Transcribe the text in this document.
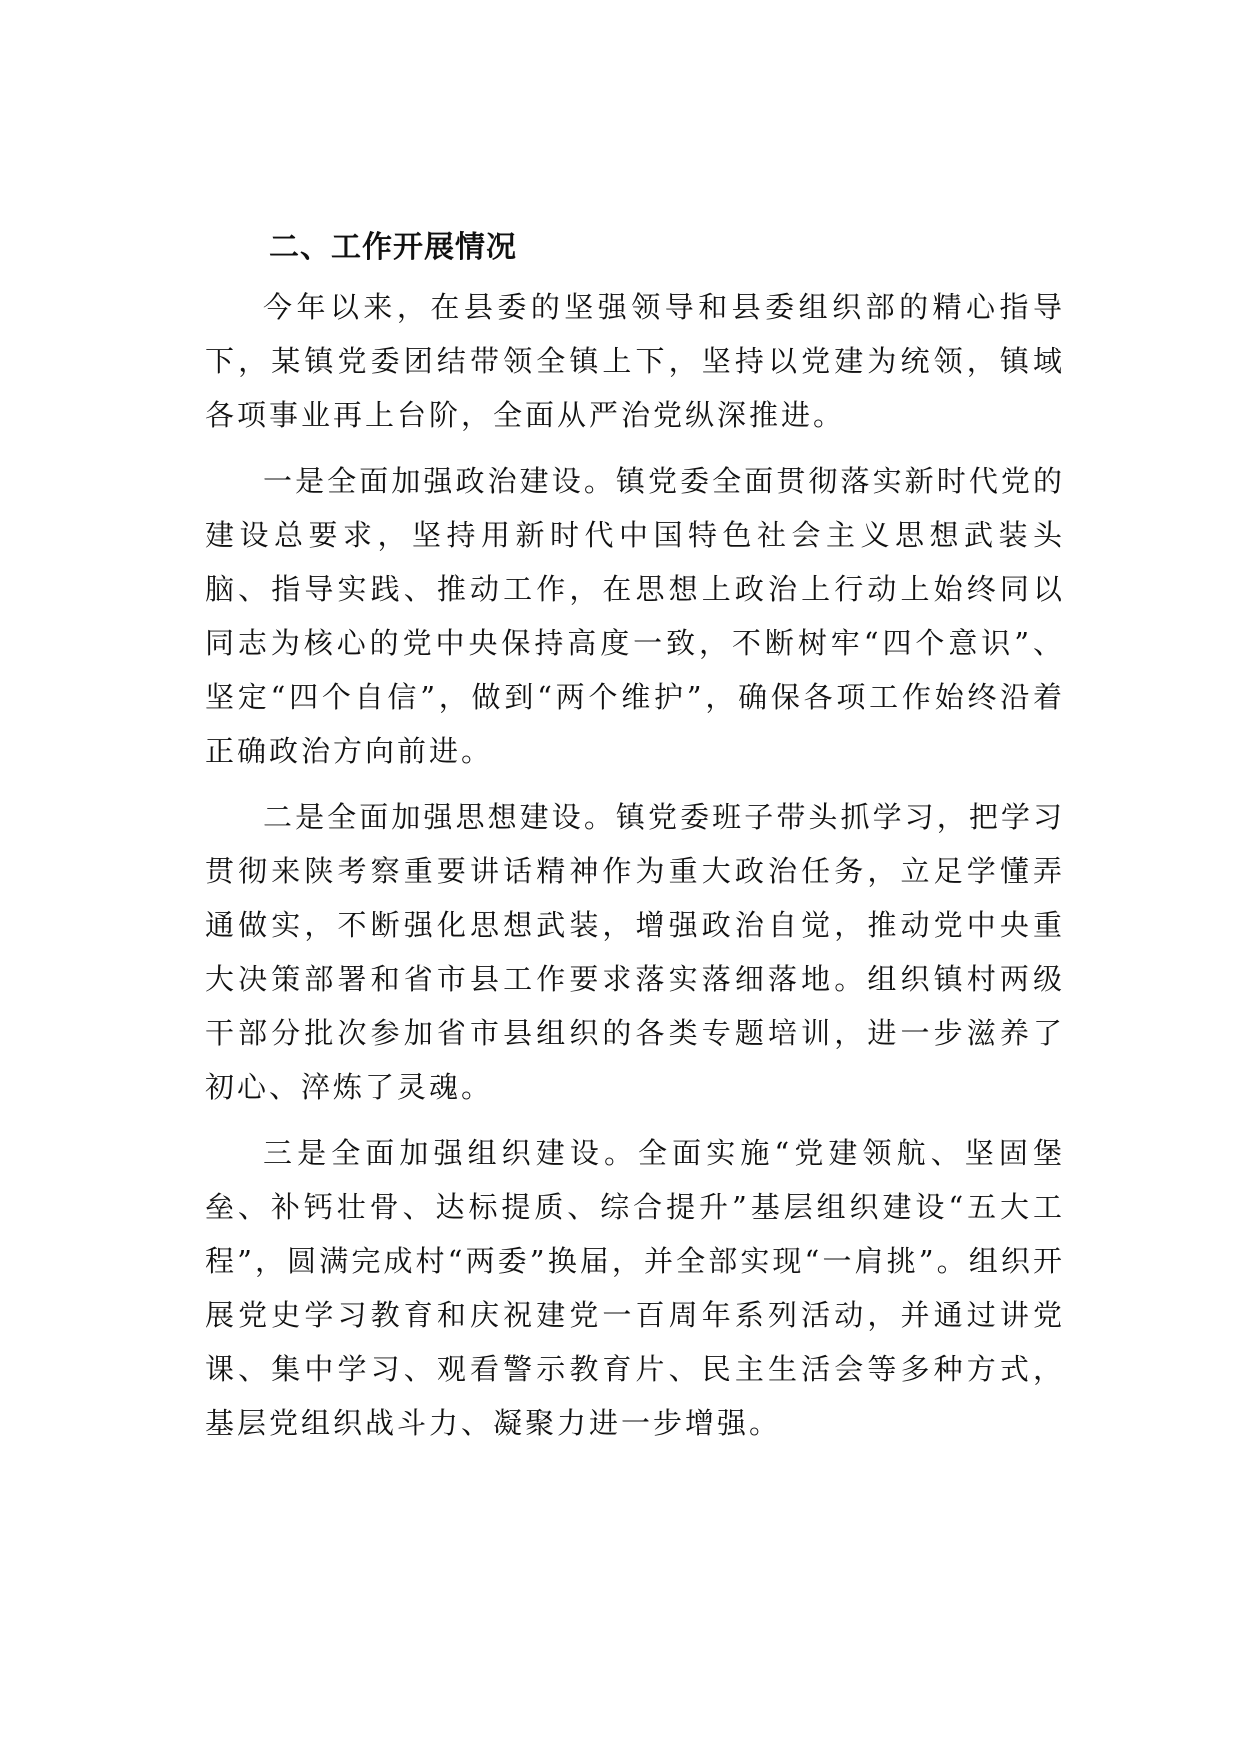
二、工作开展情况

今年以来，在县委的坚强领导和县委组织部的精心指导下，某镇党委团结带领全镇上下，坚持以党建为统领，镇域各项事业再上台阶，全面从严治党纵深推进。

一是全面加强政治建设。镇党委全面贯彻落实新时代党的建设总要求，坚持用新时代中国特色社会主义思想武装头脑、指导实践、推动工作，在思想上政治上行动上始终同以同志为核心的党中央保持高度一致，不断树牢“四个意识”、坚定“四个自信”，做到“两个维护”，确保各项工作始终沿着正确政治方向前进。

二是全面加强思想建设。镇党委班子带头抓学习，把学习贯彻来陕考察重要讲话精神作为重大政治任务，立足学懂弄通做实，不断强化思想武装，增强政治自觉，推动党中央重大决策部署和省市县工作要求落实落细落地。组织镇村两级干部分批次参加省市县组织的各类专题培训，进一步滋养了初心、淬炼了灵魂。

三是全面加强组织建设。全面实施“党建领航、坚固堡垒、补钙壮骨、达标提质、综合提升”基层组织建设“五大工程”，圆满完成村“两委”换届，并全部实现“一肩挑”。组织开展党史学习教育和庆祝建党一百周年系列活动，并通过讲党课、集中学习、观看警示教育片、民主生活会等多种方式，基层党组织战斗力、凝聚力进一步增强。
